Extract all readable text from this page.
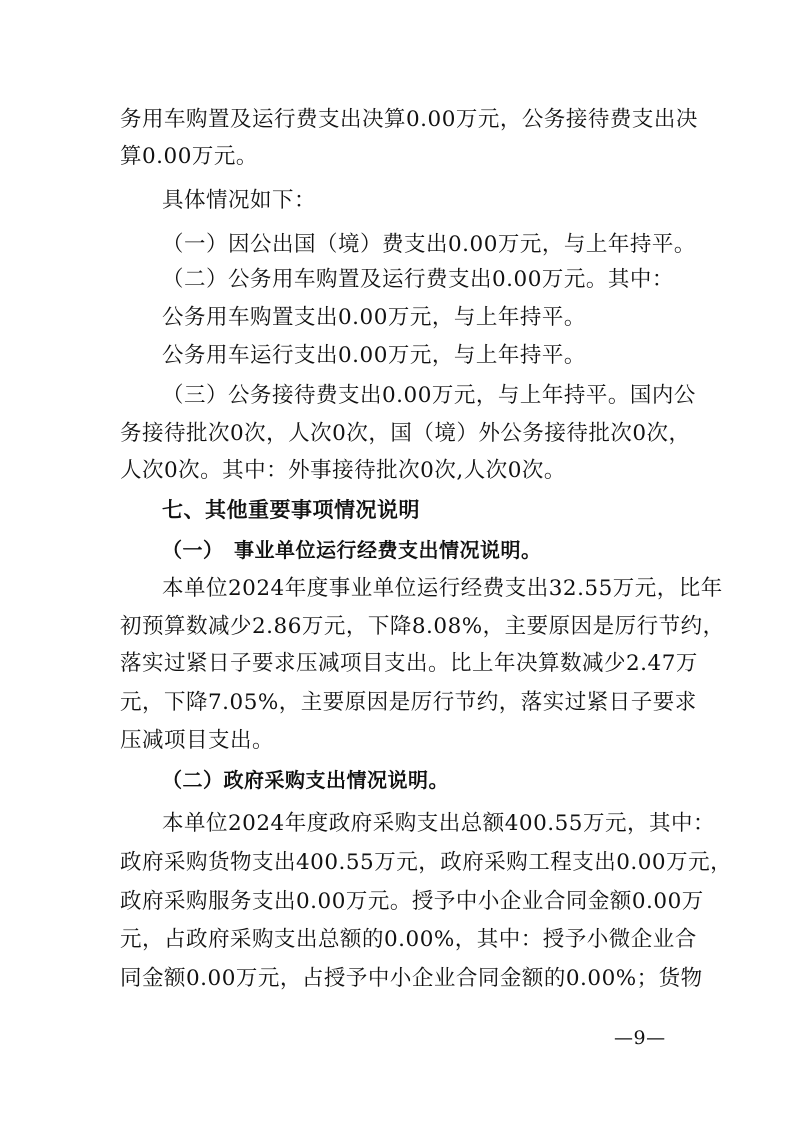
务用车购置及运行费支出决算0.00万元，公务接待费支出决
算0.00万元。
具体情况如下：
（一）因公出国（境）费支出0.00万元，与上年持平。
（二）公务用车购置及运行费支出0.00万元。其中：
公务用车购置支出0.00万元，与上年持平。
公务用车运行支出0.00万元，与上年持平。
（三）公务接待费支出0.00万元，与上年持平。国内公
务接待批次0次，人次0次，国（境）外公务接待批次0次，
人次0次。其中：外事接待批次0次,人次0次。
七、其他重要事项情况说明
（一）　事业单位运行经费支出情况说明。
本单位2024年度事业单位运行经费支出32.55万元，比年
初预算数减少2.86万元，下降8.08%，主要原因是厉行节约，
落实过紧日子要求压减项目支出。比上年决算数减少2.47万
元，下降7.05%，主要原因是厉行节约，落实过紧日子要求
压减项目支出。
（二）政府采购支出情况说明。
本单位2024年度政府采购支出总额400.55万元，其中：
政府采购货物支出400.55万元，政府采购工程支出0.00万元，
政府采购服务支出0.00万元。授予中小企业合同金额0.00万
元，占政府采购支出总额的0.00%，其中：授予小微企业合
同金额0.00万元，占授予中小企业合同金额的0.00%；货物
—9—
